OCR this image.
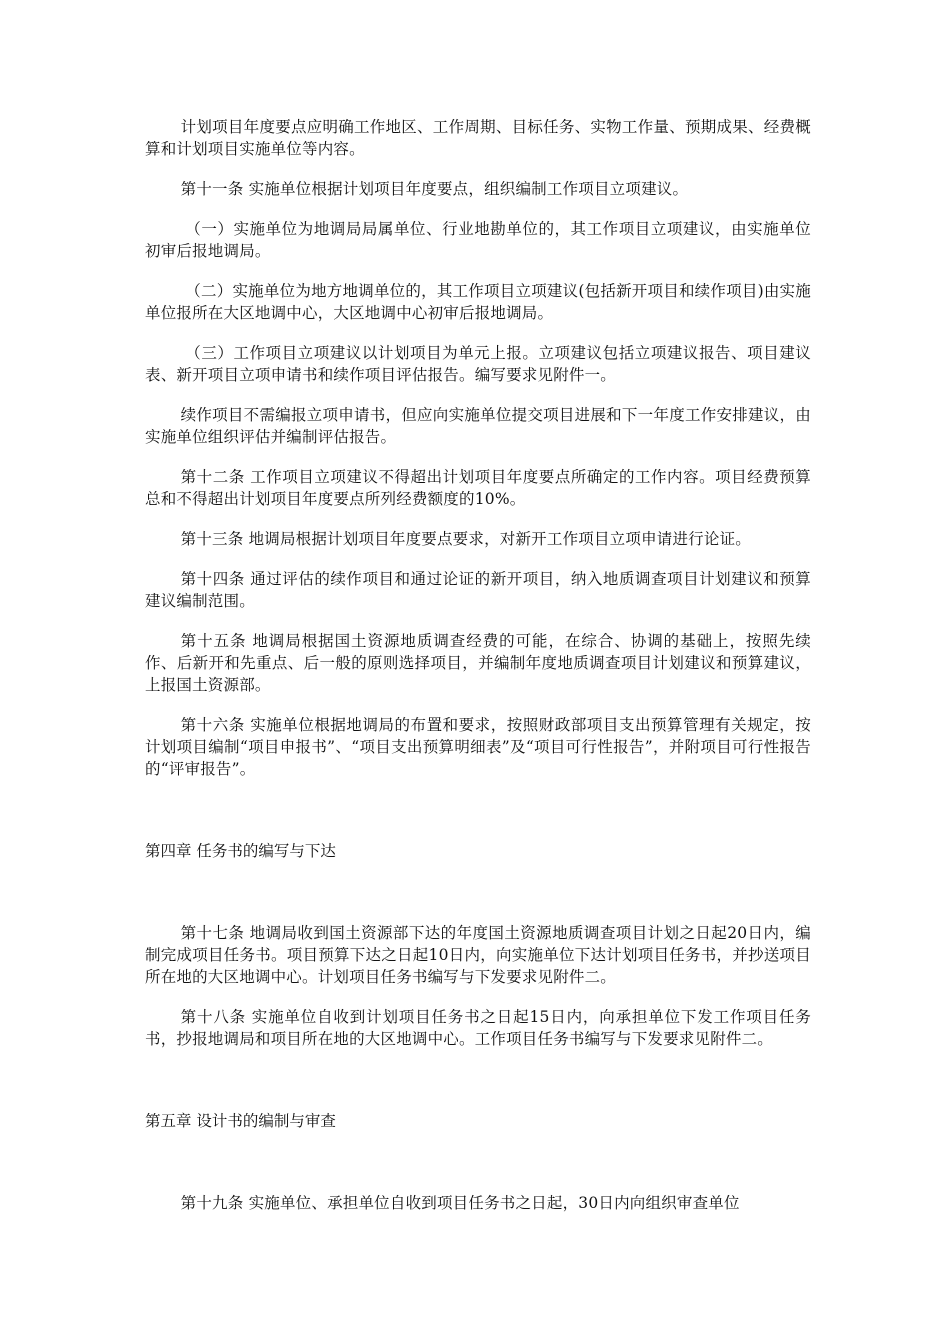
计划项目年度要点应明确工作地区、工作周期、目标任务、实物工作量、预期成果、经费概算和计划项目实施单位等内容。

第十一条 实施单位根据计划项目年度要点，组织编制工作项目立项建议。

（一）实施单位为地调局局属单位、行业地勘单位的，其工作项目立项建议，由实施单位初审后报地调局。

（二）实施单位为地方地调单位的，其工作项目立项建议(包括新开项目和续作项目)由实施单位报所在大区地调中心，大区地调中心初审后报地调局。

（三）工作项目立项建议以计划项目为单元上报。立项建议包括立项建议报告、项目建议表、新开项目立项申请书和续作项目评估报告。编写要求见附件一。

续作项目不需编报立项申请书，但应向实施单位提交项目进展和下一年度工作安排建议，由实施单位组织评估并编制评估报告。

第十二条 工作项目立项建议不得超出计划项目年度要点所确定的工作内容。项目经费预算总和不得超出计划项目年度要点所列经费额度的10%。

第十三条 地调局根据计划项目年度要点要求，对新开工作项目立项申请进行论证。

第十四条 通过评估的续作项目和通过论证的新开项目，纳入地质调查项目计划建议和预算建议编制范围。

第十五条 地调局根据国土资源地质调查经费的可能，在综合、协调的基础上，按照先续作、后新开和先重点、后一般的原则选择项目，并编制年度地质调查项目计划建议和预算建议，上报国土资源部。

第十六条 实施单位根据地调局的布置和要求，按照财政部项目支出预算管理有关规定，按计划项目编制“项目申报书”、“项目支出预算明细表”及“项目可行性报告”，并附项目可行性报告的“评审报告”。

第四章 任务书的编写与下达

第十七条 地调局收到国土资源部下达的年度国土资源地质调查项目计划之日起20日内，编制完成项目任务书。项目预算下达之日起10日内，向实施单位下达计划项目任务书，并抄送项目所在地的大区地调中心。计划项目任务书编写与下发要求见附件二。

第十八条 实施单位自收到计划项目任务书之日起15日内，向承担单位下发工作项目任务书，抄报地调局和项目所在地的大区地调中心。工作项目任务书编写与下发要求见附件二。

第五章 设计书的编制与审查

第十九条 实施单位、承担单位自收到项目任务书之日起，30日内向组织审查单位
